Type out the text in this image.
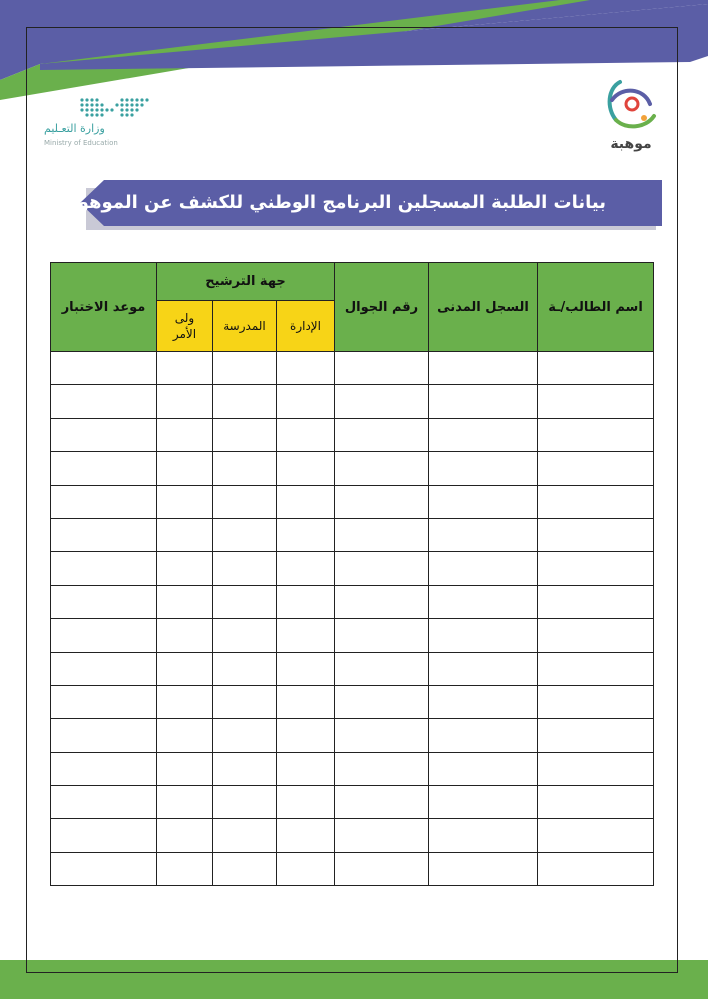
وزارة التعـليم
Ministry of Education	موهبة
بيانات الطلبة المسجلين البرنامج الوطني للكشف عن الموهوبين
اسم الطالب/ـة	السجل المدنى	رقم الجوال	جهة الترشيح			موعد الاختبار
			الإدارة	المدرسة	ولى
الأمر	
